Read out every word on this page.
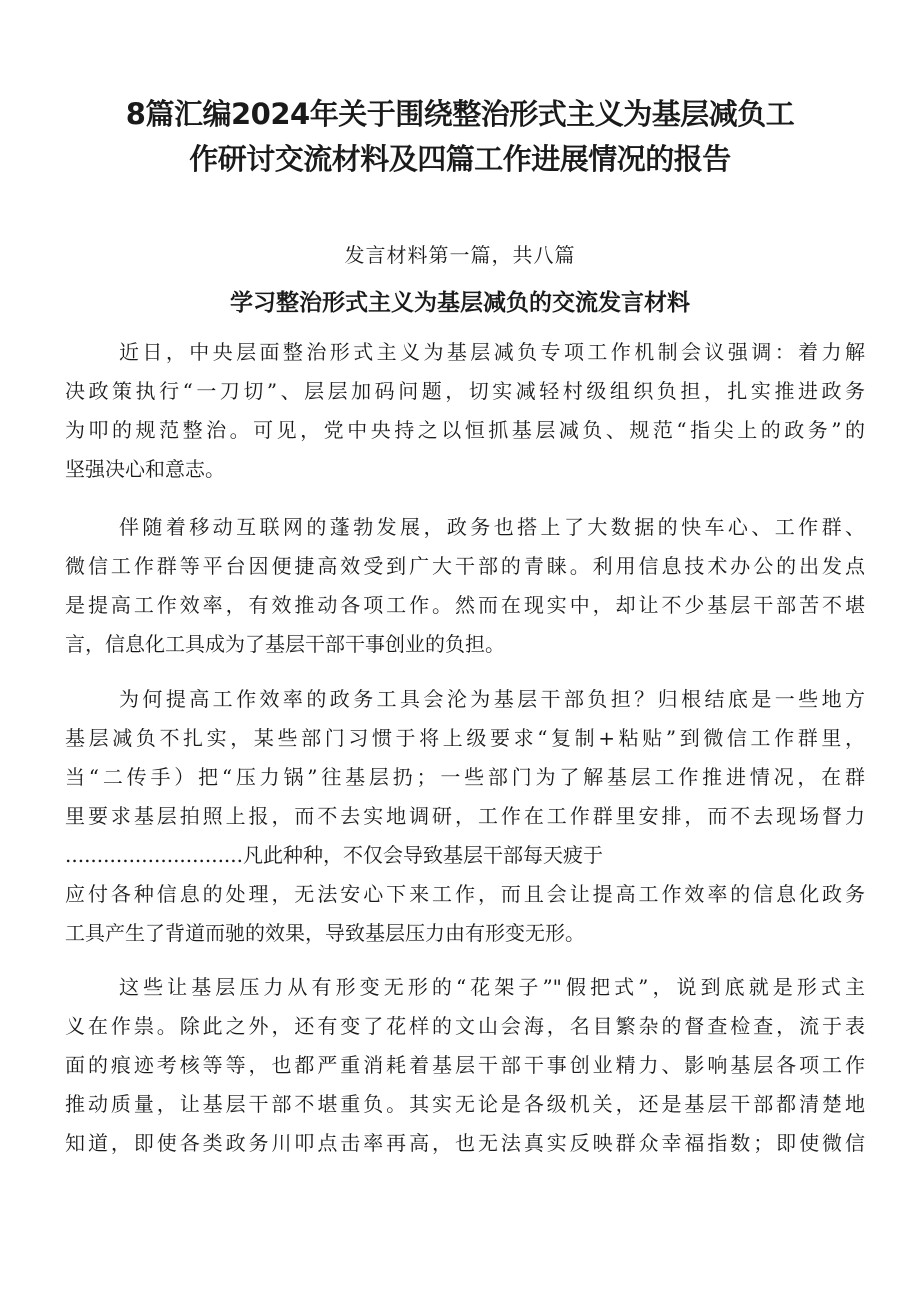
8篇汇编2024年关于围绕整治形式主义为基层减负工
作研讨交流材料及四篇工作进展情况的报告
发言材料第一篇，共八篇
学习整治形式主义为基层减负的交流发言材料
近日，中央层面整治形式主义为基层减负专项工作机制会议强调：着力解
决政策执行“一刀切”、层层加码问题，切实减轻村级组织负担，扎实推进政务
为叩的规范整治。可见，党中央持之以恒抓基层减负、规范“指尖上的政务”的
坚强决心和意志。
伴随着移动互联网的蓬勃发展，政务也搭上了大数据的快车心、工作群、
微信工作群等平台因便捷高效受到广大干部的青睐。利用信息技术办公的出发点
是提高工作效率，有效推动各项工作。然而在现实中，却让不少基层干部苦不堪
言，信息化工具成为了基层干部干事创业的负担。
为何提高工作效率的政务工具会沦为基层干部负担？归根结底是一些地方
基层减负不扎实，某些部门习惯于将上级要求“复制+粘贴”到微信工作群里，
当“二传手）把“压力锅”往基层扔；一些部门为了解基层工作推进情况，在群
里要求基层拍照上报，而不去实地调研，工作在工作群里安排，而不去现场督力
............................凡此种种，不仅会导致基层干部每天疲于
应付各种信息的处理，无法安心下来工作，而且会让提高工作效率的信息化政务
工具产生了背道而驰的效果，导致基层压力由有形变无形。
这些让基层压力从有形变无形的“花架子”"假把式”，说到底就是形式主
义在作祟。除此之外，还有变了花样的文山会海，名目繁杂的督查检查，流于表
面的痕迹考核等等，也都严重消耗着基层干部干事创业精力、影响基层各项工作
推动质量，让基层干部不堪重负。其实无论是各级机关，还是基层干部都清楚地
知道，即使各类政务川叩点击率再高，也无法真实反映群众幸福指数；即使微信
